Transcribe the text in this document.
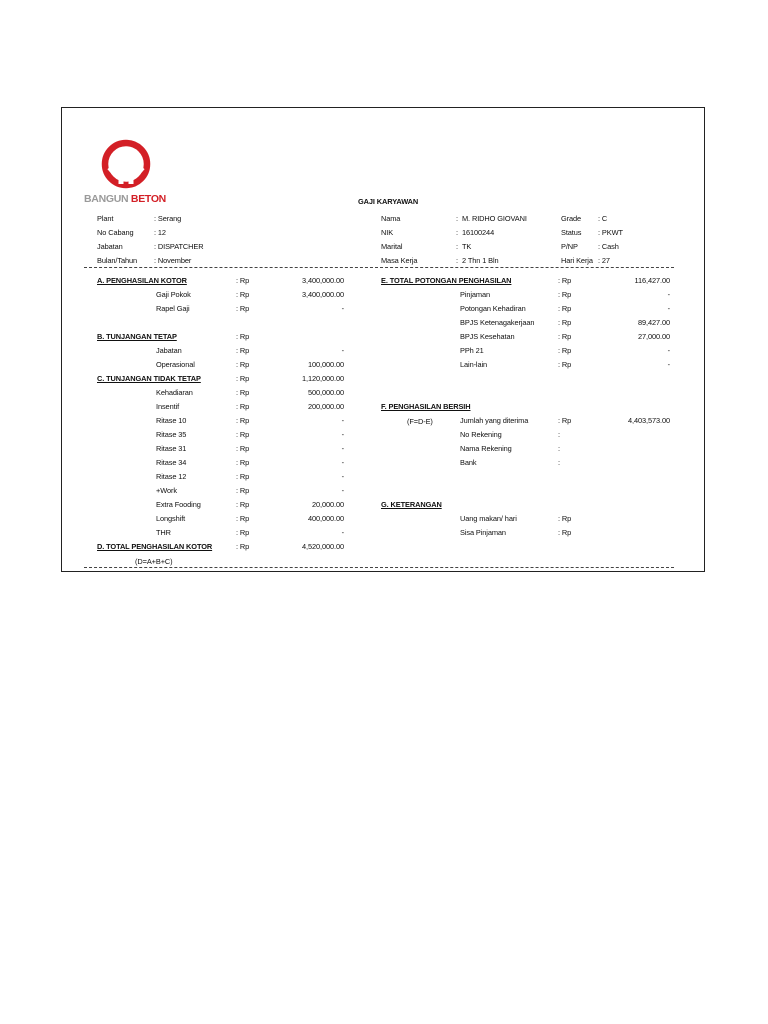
BANGUN BETON	GAJI KARYAWAN
Plant	: Serang
No Cabang	: 12
Jabatan	: DISPATCHER
Bulan/Tahun : November
Nama	: M. RIDHO GIOVANI
NIK	: 16100244
Marital	: TK
Masa Kerja	: 2 Thn 1 Bln
Grade : C
Status : PKWT
P/NP	: Cash
Hari Kerja : 27
A. PENGHASILAN KOTOR	: Rp	3,400,000.00
Gaji Pokok	: Rp	3,400,000.00
Rapel Gaji	: Rp	-
B. TUNJANGAN TETAP	: Rp
Jabatan	: Rp	-
Operasional	: Rp	100,000.00
C. TUNJANGAN TIDAK TETAP	: Rp	1,120,000.00
Kehadiaran	: Rp	500,000.00
Insentif	: Rp	200,000.00
Ritase 10	: Rp	-
Ritase 35	: Rp	-
Ritase 31	: Rp	-
Ritase 34	: Rp	-
Ritase 12	: Rp	-
+Work	: Rp	-
Extra Fooding	: Rp	20,000.00
Longshift	: Rp	400,000.00
THR	: Rp	-
D. TOTAL PENGHASILAN KOTOR	: Rp	4,520,000.00
(D=A+B+C)
E. TOTAL POTONGAN PENGHASILAN	: Rp	116,427.00
Pinjaman	: Rp	-
Potongan Kehadiran	: Rp	-
BPJS Ketenagakerjaan	: Rp	89,427.00
BPJS Kesehatan	: Rp	27,000.00
PPh 21	: Rp	-
Lain-lain	: Rp	-
F. PENGHASILAN BERSIH
(F=D-E)	Jumlah yang diterima	: Rp	4,403,573.00
No Rekening	:
Nama Rekening	:
Bank	:
G. KETERANGAN
Uang makan/ hari	: Rp
Sisa Pinjaman	: Rp
